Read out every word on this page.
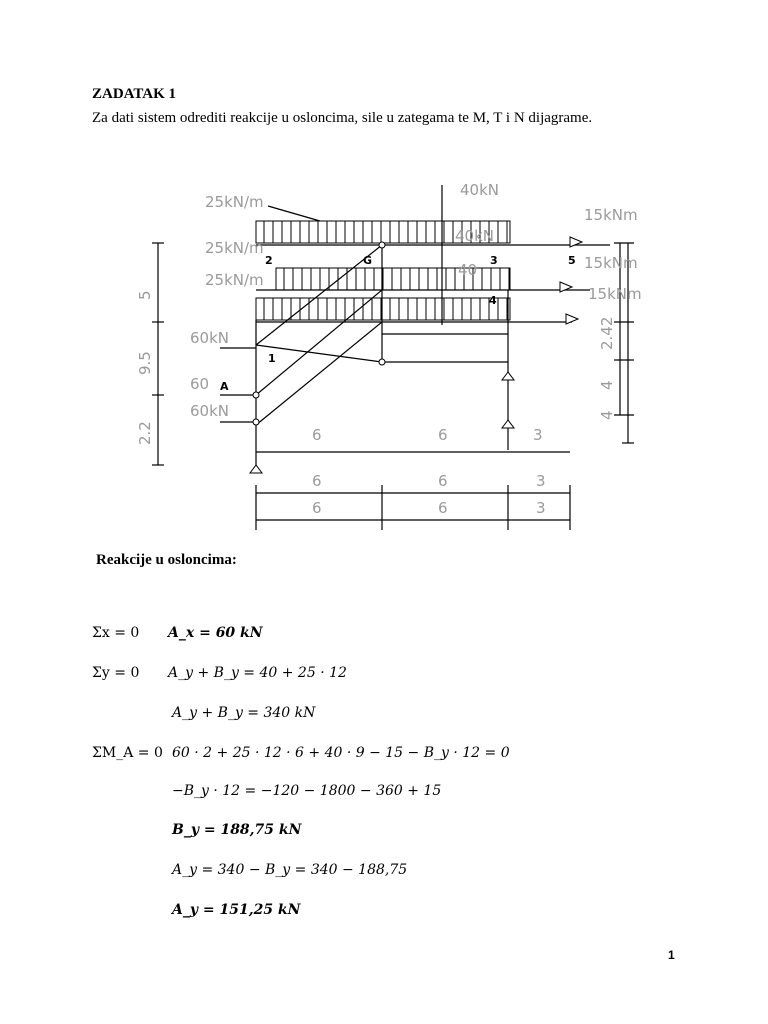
ZADATAK 1
Za dati sistem odrediti reakcije u osloncima, sile u zategama te M, T i N dijagrame.
40kN
25kN/m
25kN/m
25kN/m
15kNm
15kNm
15kNm
40kN
40
60kN
60
60kN
2	G	3	5
4
1
A
6	6	3
6	6	3
6	6	3
5
9.5
2.2
2.42
4
4
Reakcije u osloncima:
Σx = 0 A_x = 60 kN
Σy = 0 A_y + B_y = 40 + 25 · 12
A_y + B_y = 340 kN
ΣM_A = 0 60 · 2 + 25 · 12 · 6 + 40 · 9 − 15 − B_y · 12 = 0
−B_y · 12 = −120 − 1800 − 360 + 15
B_y = 188,75 kN
A_y = 340 − B_y = 340 − 188,75
A_y = 151,25 kN
1
